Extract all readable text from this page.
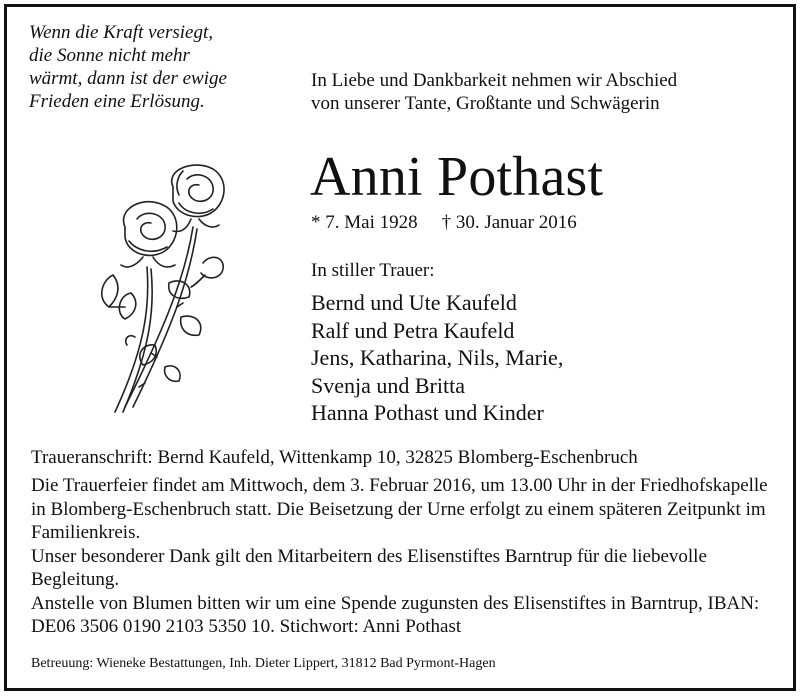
Wenn die Kraft versiegt,
die Sonne nicht mehr
wärmt, dann ist der ewige
Frieden eine Erlösung.
In Liebe und Dankbarkeit nehmen wir Abschied
von unserer Tante, Großtante und Schwägerin
Anni Pothast
* 7. Mai 1928 † 30. Januar 2016
In stiller Trauer:
Bernd und Ute Kaufeld
Ralf und Petra Kaufeld
Jens, Katharina, Nils, Marie,
Svenja und Britta
Hanna Pothast und Kinder
Traueranschrift: Bernd Kaufeld, Wittenkamp 10, 32825 Blomberg-Eschenbruch

Die Trauerfeier findet am Mittwoch, dem 3. Februar 2016, um 13.00 Uhr in der Friedhofskapelle in Blomberg-Eschenbruch statt. Die Beisetzung der Urne erfolgt zu einem späteren Zeitpunkt im Familienkreis.

Unser besonderer Dank gilt den Mitarbeitern des Elisenstiftes Barntrup für die liebevolle Begleitung.

Anstelle von Blumen bitten wir um eine Spende zugunsten des Elisenstiftes in Barntrup, IBAN: DE06 3506 0190 2103 5350 10. Stichwort: Anni Pothast

Betreuung: Wieneke Bestattungen, Inh. Dieter Lippert, 31812 Bad Pyrmont-Hagen
